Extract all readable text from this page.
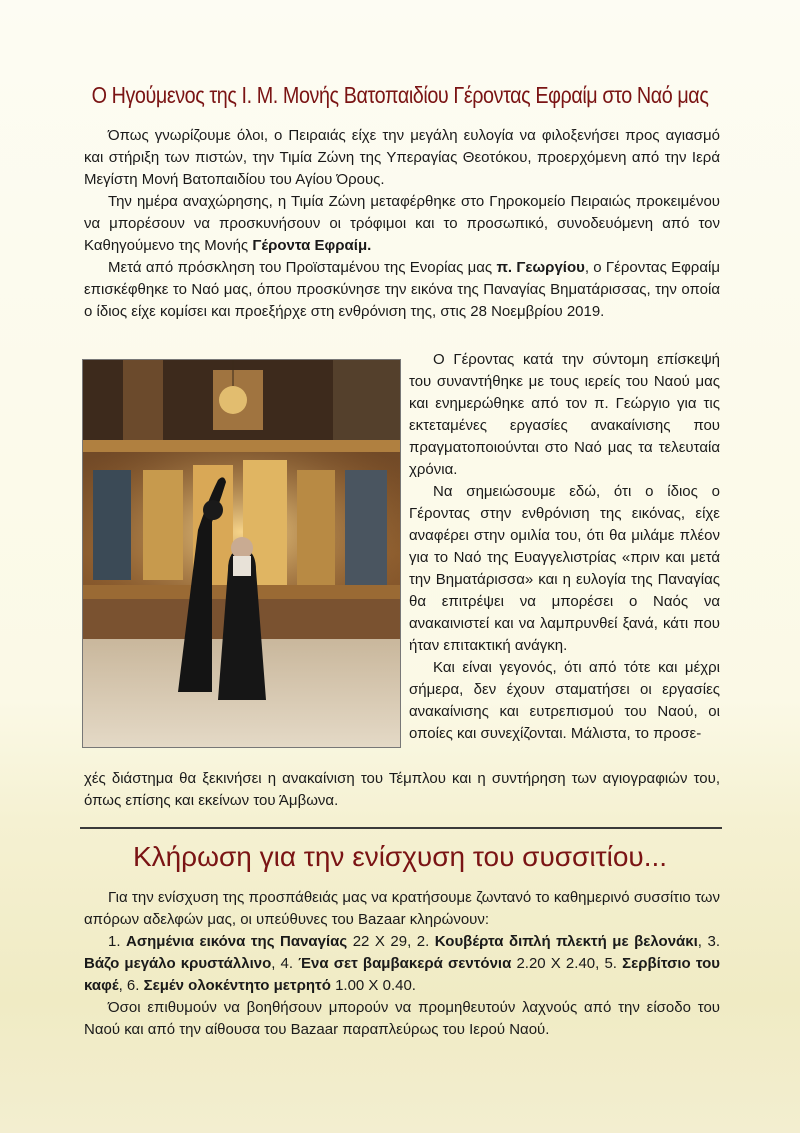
Ο Ηγούμενος της Ι. Μ. Μονής Βατοπαιδίου Γέροντας Εφραίμ στο Ναό μας

Όπως γνωρίζουμε όλοι, ο Πειραιάς είχε την μεγάλη ευλογία να φιλοξενήσει προς αγιασμό και στήριξη των πιστών, την Τιμία Ζώνη της Υπεραγίας Θεοτόκου, προερχόμενη από την Ιερά Μεγίστη Μονή Βατοπαιδίου του Αγίου Όρους.

Την ημέρα αναχώρησης, η Τιμία Ζώνη μεταφέρθηκε στο Γηροκομείο Πειραιώς προκειμένου να μπορέσουν να προσκυνήσουν οι τρόφιμοι και το προσωπικό, συνοδευόμενη από τον Καθηγούμενο της Μονής Γέροντα Εφραίμ.

Μετά από πρόσκληση του Προϊσταμένου της Ενορίας μας π. Γεωργίου, ο Γέροντας Εφραίμ επισκέφθηκε το Ναό μας, όπου προσκύνησε την εικόνα της Παναγίας Βηματάρισσας, την οποία ο ίδιος είχε κομίσει και προεξήρχε στη ενθρόνιση της, στις 28 Νοεμβρίου 2019.

Ο Γέροντας κατά την σύντομη επίσκεψή του συναντήθηκε με τους ιερείς του Ναού μας και ενημερώθηκε από τον π. Γεώργιο για τις εκτεταμένες εργασίες ανακαίνισης που πραγματοποιούνται στο Ναό μας τα τελευταία χρόνια.

Να σημειώσουμε εδώ, ότι ο ίδιος ο Γέροντας στην ενθρόνιση της εικόνας, είχε αναφέρει στην ομιλία του, ότι θα μιλάμε πλέον για το Ναό της Ευαγγελιστρίας «πριν και μετά την Βηματάρισσα» και η ευλογία της Παναγίας θα επιτρέψει να μπορέσει ο Ναός να ανακαινιστεί και να λαμπρυνθεί ξανά, κάτι που ήταν επιτακτική ανάγκη.

Και είναι γεγονός, ότι από τότε και μέχρι σήμερα, δεν έχουν σταματήσει οι εργασίες ανακαίνισης και ευτρεπισμού του Ναού, οι οποίες και συνεχίζονται. Μάλιστα, το προσε-

χές διάστημα θα ξεκινήσει η ανακαίνιση του Τέμπλου και η συντήρηση των αγιογραφιών του, όπως επίσης και εκείνων του Άμβωνα.

Κλήρωση για την ενίσχυση του συσσιτίου...

Για την ενίσχυση της προσπάθειάς μας να κρατήσουμε ζωντανό το καθημερινό συσσίτιο των απόρων αδελφών μας, οι υπεύθυνες του Bazaar κληρώνουν:

1. Ασημένια εικόνα της Παναγίας 22 Χ 29, 2. Κουβέρτα διπλή πλεκτή με βελονάκι, 3. Βάζο μεγάλο κρυστάλλινο, 4. Ένα σετ βαμβακερά σεντόνια 2.20 Χ 2.40, 5. Σερβίτσιο του καφέ, 6. Σεμέν ολοκέντητο μετρητό 1.00 Χ 0.40.

Όσοι επιθυμούν να βοηθήσουν μπορούν να προμηθευτούν λαχνούς από την είσοδο του Ναού και από την αίθουσα του Bazaar παραπλεύρως του Ιερού Ναού.
